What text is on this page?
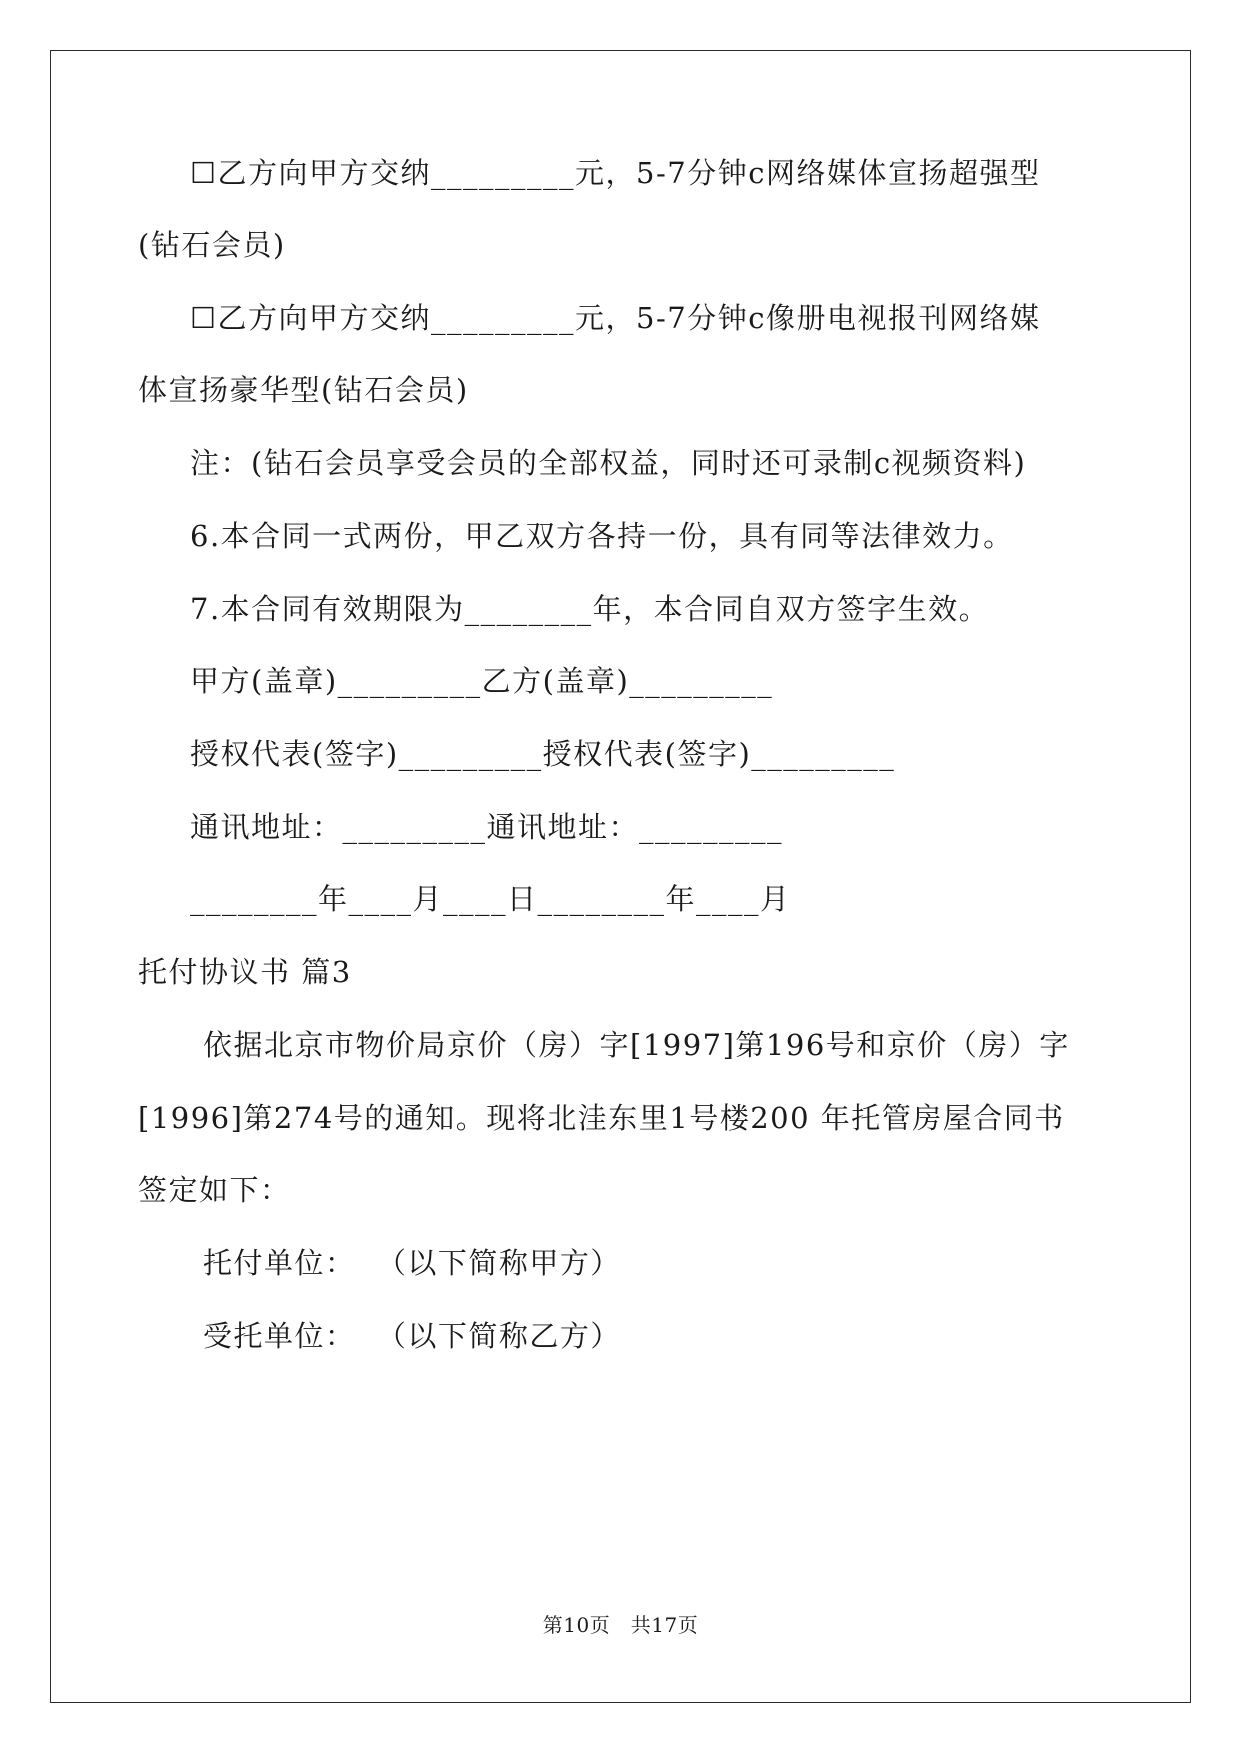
☐乙方向甲方交纳_________元，5-7分钟c网络媒体宣扬超强型
(钻石会员)
☐乙方向甲方交纳_________元，5-7分钟c像册电视报刊网络媒
体宣扬豪华型(钻石会员)
注：(钻石会员享受会员的全部权益，同时还可录制c视频资料)
6.本合同一式两份，甲乙双方各持一份，具有同等法律效力。
7.本合同有效期限为________年，本合同自双方签字生效。
甲方(盖章)_________乙方(盖章)_________
授权代表(签字)_________授权代表(签字)_________
通讯地址：_________通讯地址：_________
________年____月____日________年____月
托付协议书 篇3
依据北京市物价局京价（房）字[1997]第196号和京价（房）字
[1996]第274号的通知。现将北洼东里1号楼200 年托管房屋合同书
签定如下：
托付单位：  （以下简称甲方）
受托单位：  （以下简称乙方）
第10页   共17页
